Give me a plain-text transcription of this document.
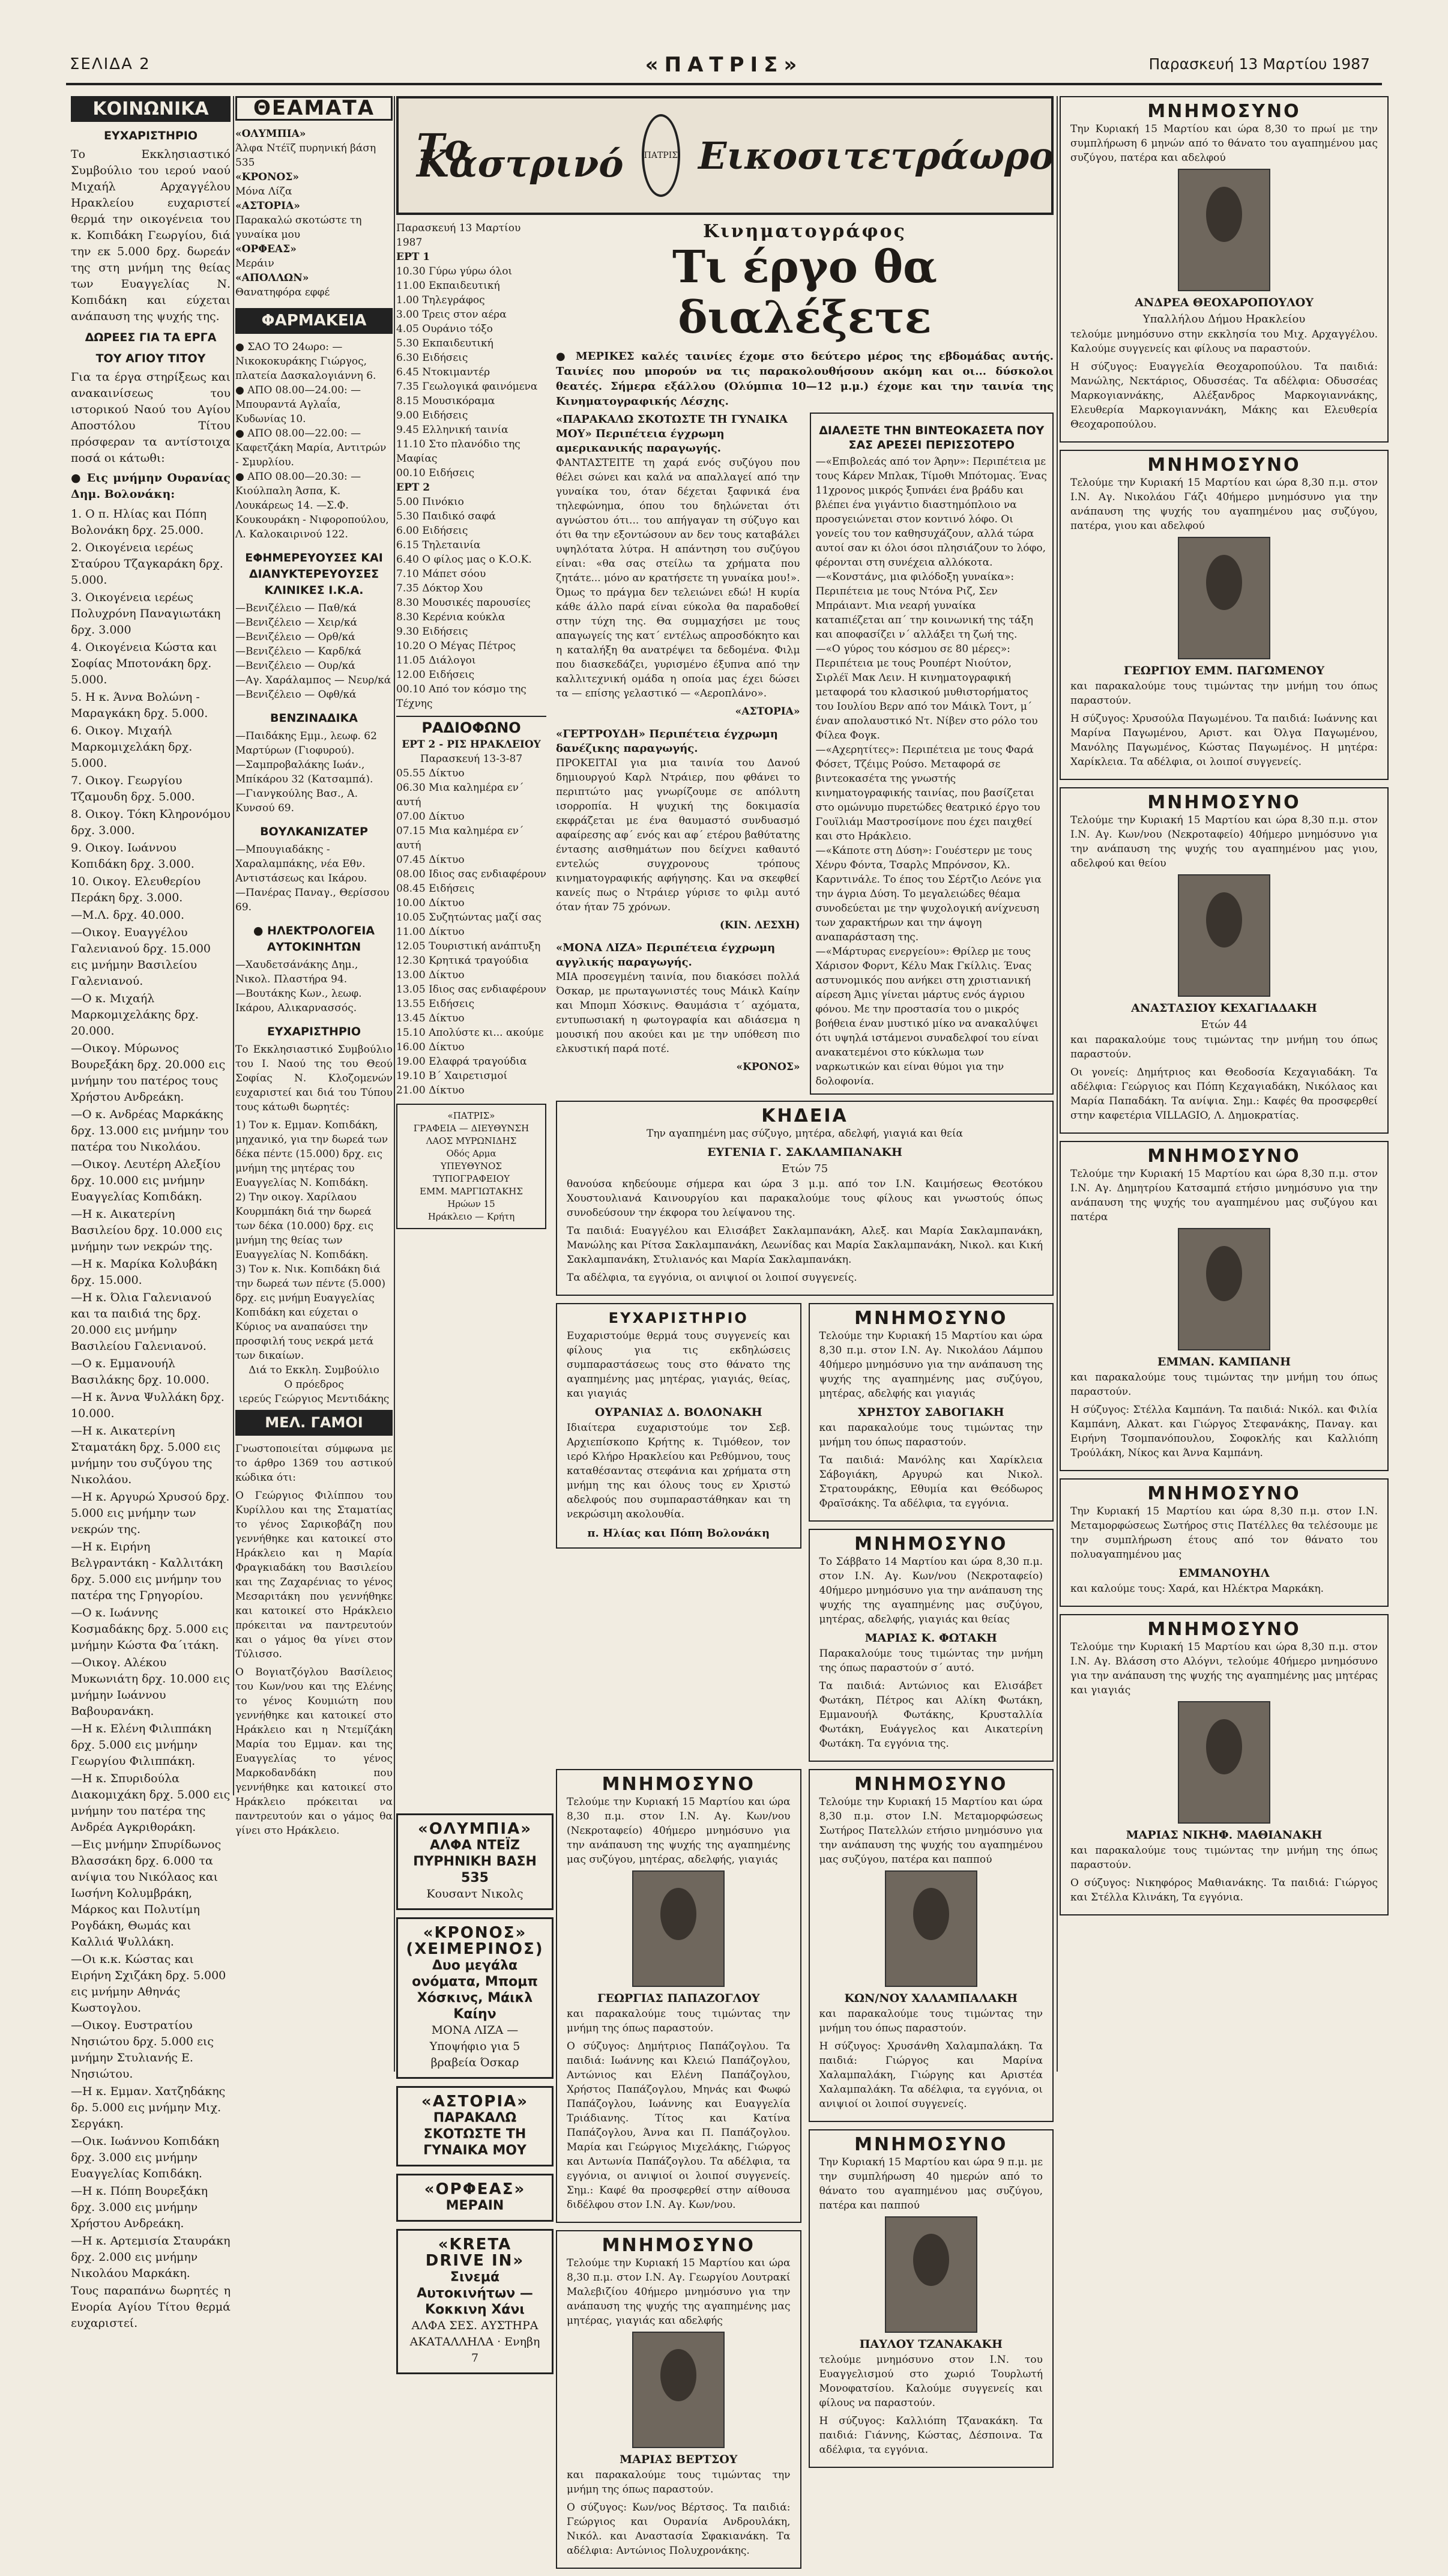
ΣΕΛΙΔΑ 2	«ΠΑΤΡΙΣ»	Παρασκευή 13 Μαρτίου 1987
ΚΟΙΝΩΝΙΚΑ
ΕΥΧΑΡΙΣΤΗΡΙΟ

Το Εκκλησιαστικό Συμβούλιο του ιερού ναού Μιχαήλ Αρχαγγέλου Ηρακλείου ευχαριστεί θερμά την οικογένεια του κ. Κοπιδάκη Γεωργίου, διά την εκ 5.000 δρχ. δωρεάν της στη μνήμη της θείας των Ευαγγελίας Ν. Κοπιδάκη και εύχεται ανάπαυση της ψυχής της.

ΔΩΡΕΕΣ ΓΙΑ ΤΑ ΕΡΓΑ
ΤΟΥ ΑΓΙΟΥ ΤΙΤΟΥ

Για τα έργα στηρίξεως και ανακαινίσεως του ιστορικού Ναού του Αγίου Αποστόλου Τίτου πρόσφεραν τα αντίστοιχα ποσά οι κάτωθι:

● Εις μνήμην Ουρανίας Δημ. Βολονάκη:

1. Ο π. Ηλίας και Πόπη Βολονάκη δρχ. 25.000.
2. Οικογένεια ιερέως Σταύρου Τζαγκαράκη δρχ. 5.000.
3. Οικογένεια ιερέως Πολυχρόνη Παναγιωτάκη δρχ. 3.000
4. Οικογένεια Κώστα και Σοφίας Μποτονάκη δρχ. 5.000.
5. Η κ. Άννα Βολώνη - Μαραγκάκη δρχ. 5.000.
6. Οικογ. Μιχαήλ Μαρκομιχελάκη δρχ. 5.000.
7. Οικογ. Γεωργίου Τζαμουδη δρχ. 5.000.
8. Οικογ. Τόκη Κληρονόμου δρχ. 3.000.
9. Οικογ. Ιωάννου Κοπιδάκη δρχ. 3.000.
10. Οικογ. Ελευθερίου Περάκη δρχ. 3.000.
—Μ.Λ. δρχ. 40.000.
—Οικογ. Ευαγγέλου Γαλενιανού δρχ. 15.000 εις μνήμην Βασιλείου Γαλενιανού.
—Ο κ. Μιχαήλ Μαρκομιχελάκης δρχ. 20.000.
—Οικογ. Μύρωνος Βουρεξάκη δρχ. 20.000 εις μνήμην του πατέρος τους Χρήστου Ανδρεάκη.
—Ο κ. Ανδρέας Μαρκάκης δρχ. 13.000 εις μνήμην του πατέρα του Νικολάου.
—Οικογ. Λευτέρη Αλεξίου δρχ. 10.000 εις μνήμην Ευαγγελίας Κοπιδάκη.
—Η κ. Αικατερίνη Βασιλείου δρχ. 10.000 εις μνήμην των νεκρών της.
—Η κ. Μαρίκα Κολυβάκη δρχ. 15.000.
—Η κ. Όλια Γαλενιανού και τα παιδιά της δρχ. 20.000 εις μνήμην Βασιλείου Γαλενιανού.
—Ο κ. Εμμανουήλ Βασιλάκης δρχ. 10.000.
—Η κ. Άννα Ψυλλάκη δρχ. 10.000.
—Η κ. Αικατερίνη Σταματάκη δρχ. 5.000 εις μνήμην του συζύγου της Νικολάου.
—Η κ. Αργυρώ Χρυσού δρχ. 5.000 εις μνήμην των νεκρών της.
—Η κ. Ειρήνη Βελγραντάκη - Καλλιτάκη δρχ. 5.000 εις μνήμην του πατέρα της Γρηγορίου.
—Ο κ. Ιωάννης Κοσμαδάκης δρχ. 5.000 εις μνήμην Κώστα Φα΄ιτάκη.
—Οικογ. Αλέκου Μυκωνιάτη δρχ. 10.000 εις μνήμην Ιωάννου Βαβουρανάκη.
—Η κ. Ελένη Φιλιππάκη δρχ. 5.000 εις μνήμην Γεωργίου Φιλιππάκη.
—Η κ. Σπυριδούλα Διακομιχάκη δρχ. 5.000 εις μνήμην του πατέρα της Ανδρέα Αγκριθοράκη.
—Εις μνήμην Σπυρίδωνος Βλασσάκη δρχ. 6.000 τα ανίψια του Νικόλαος και Ιωσήνη Κολυμβράκη, Μάρκος και Πολυτίμη Ρογδάκη, Θωμάς και Καλλιά Ψυλλάκη.
—Οι κ.κ. Κώστας και Ειρήνη Σχιζάκη δρχ. 5.000 εις μνήμην Αθηνάς Κωστογλου.
—Οικογ. Ευστρατίου Νησιώτου δρχ. 5.000 εις μνήμην Στυλιανής Ε. Νησιώτου.
—Η κ. Εμμαν. Χατζηδάκης δρ. 5.000 εις μνήμην Μιχ. Σεργάκη.
—Οικ. Ιωάννου Κοπιδάκη δρχ. 3.000 εις μνήμην Ευαγγελίας Κοπιδάκη.
—Η κ. Πόπη Βουρεξάκη δρχ. 3.000 εις μνήμην Χρήστου Ανδρεάκη.
—Η κ. Αρτεμισία Σταυράκη δρχ. 2.000 εις μνήμην Νικολάου Μαρκάκη.

Τους παραπάνω δωρητές η Ενορία Αγίου Τίτου θερμά ευχαριστεί.

ΘΕΑΜΑΤΑ
«ΟΛΥΜΠΙΑ»
Άλφα Ντέϊζ πυρηνική βάση 535
«ΚΡΟΝΟΣ»
Μόνα Λίζα
«ΑΣΤΟΡΙΑ»
Παρακαλώ σκοτώστε τη γυναίκα μου
«ΟΡΦΕΑΣ»
Μεράιν
«ΑΠΟΛΛΩΝ»
Θανατηφόρα εφφέ
ΦΑΡΜΑΚΕΙΑ
● ΣΑΟ ΤΟ 24ωρο: —Νικοκοκυράκης Γιώργος, πλατεία Δασκαλογιάννη 6.
● ΑΠΟ 08.00—24.00: —Μπουραντά Αγλαΐα, Κυδωνίας 10.
● ΑΠΟ 08.00—22.00: —Καφετζάκη Μαρία, Αντιτρών - Σμυρλίου.
● ΑΠΟ 08.00—20.30: —Κιούλπαλη Άσπα, Κ. Λουκάρεως 14. —Σ.Φ. Κουκουράκη - Νιφοροπούλου, Λ. Καλοκαιρινού 122.
ΕΦΗΜΕΡΕΥΟΥΣΕΣ ΚΑΙ ΔΙΑΝΥΚΤΕΡΕΥΟΥΣΕΣ ΚΛΙΝΙΚΕΣ Ι.Κ.Α.
—Βενιζέλειο — Παθ/κά
—Βενιζέλειο — Χειρ/κά
—Βενιζέλειο — Ορθ/κά
—Βενιζέλειο — Καρδ/κά
—Βενιζέλειο — Ουρ/κά
—Αγ. Χαράλαμπος — Νευρ/κά
—Βενιζέλειο — Οφθ/κά
ΒΕΝΖΙΝΑΔΙΚΑ
—Παιδάκης Εμμ., λεωφ. 62 Μαρτύρων (Γιοφυρού).
—Σαμπροβαλάκης Ιωάν., Μπίκάρου 32 (Κατσαμπά).
—Γιανγκούλης Βασ., Α. Κυνσού 69.
ΒΟΥΛΚΑΝΙΖΑΤΕΡ
—Μπουγιαδάκης - Χαραλαμπάκης, νέα Εθν. Αντιστάσεως και Ικάρου.
—Πανέρας Παναγ., Θερίσσου 69.
● ΗΛΕΚΤΡΟΛΟΓΕΙΑ ΑΥΤΟΚΙΝΗΤΩΝ
—Χαυδετσάνάκης Δημ., Νικολ. Πλαστήρα 94.
—Βουτάκης Κων., λεωφ. Ικάρου, Αλικαρνασσός.
ΕΥΧΑΡΙΣΤΗΡΙΟ

Το Εκκλησιαστικό Συμβούλιο του Ι. Ναού της του Θεού Σοφίας Ν. Κλοζομενών ευχαριστεί και διά του Τύπου τους κάτωθι δωρητές:

1) Τον κ. Εμμαν. Κοπιδάκη, μηχανικό, για την δωρεά των δέκα πέντε (15.000) δρχ. εις μνήμη της μητέρας του Ευαγγελίας Ν. Κοπιδάκη.
2) Την οικογ. Χαρίλαου Κουρμπάκη διά την δωρεά των δέκα (10.000) δρχ. εις μνήμη της θείας των Ευαγγελίας Ν. Κοπιδάκη.
3) Τον κ. Νικ. Κοπιδάκη διά την δωρεά των πέντε (5.000) δρχ. εις μνήμη Ευαγγελίας Κοπιδάκη και εύχεται ο Κύριος να αναπαύσει την προσφιλή τους νεκρά μετά των δικαίων.

Διά το Εκκλη. Συμβούλιο
Ο πρόεδρος
ιερεύς Γεώργιος Μεντιδάκης

ΜΕΛ. ΓΑΜΟΙ

Γνωστοποιείται σύμφωνα με το άρθρο 1369 του αστικού κώδικα ότι:

Ο Γεώργιος Φιλίππου του Κυρίλλου και της Σταματίας το γένος Σαρικοβάζη που γεννήθηκε και κατοικεί στο Ηράκλειο και η Μαρία Φραγκιαδάκη του Βασιλείου και της Ζαχαρένιας το γένος Μεσαριτάκη που γεννήθηκε και κατοικεί στο Ηράκλειο πρόκειται να παντρευτούν και ο γάμος θα γίνει στον Τύλισσο.

Ο Βογιατζόγλου Βασίλειος του Κων/νου και της Ελένης το γένος Κουμιώτη που γεννήθηκε και κατοικεί στο Ηράκλειο και η Ντεμίζάκη Μαρία του Εμμαν. και της Ευαγγελίας το γένος Μαρκοδανδάκη που γεννήθηκε και κατοικεί στο Ηράκλειο πρόκειται να παντρευτούν και ο γάμος θα γίνει στο Ηράκλειο.

Το Κάστρινό	ΠΑΤΡΙΣ Εικοσιτετράωρο
Παρασκευή 13 Μαρτίου 1987
ΕΡΤ 1
10.30 Γύρω γύρω όλοι
11.00 Εκπαιδευτική
1.00 Τηλεγράφος
3.00 Τρεις στον αέρα
4.05 Ουράνιο τόξο
5.30 Εκπαιδευτική
6.30 Ειδήσεις
6.45 Ντοκιμαντέρ
7.35 Γεωλογικά φαινόμενα
8.15 Μουσικόραμα
9.00 Ειδήσεις
9.45 Ελληνική ταινία
11.10 Στο πλανόδιο της Μαφίας
00.10 Ειδήσεις
ΕΡΤ 2
5.00 Πινόκιο
5.30 Παιδικό σαφά
6.00 Ειδήσεις
6.15 Τηλεταινία
6.40 Ο φίλος μας ο Κ.Ο.Κ.
7.10 Μάπετ σόου
7.35 Δόκτορ Χου
8.30 Μουσικές παρουσίες
8.30 Κερένια κούκλα
9.30 Ειδήσεις
10.20 Ο Μέγας Πέτρος
11.05 Διάλογοι
12.00 Ειδήσεις
00.10 Από τον κόσμο της Τέχνης
ΡΑΔΙΟΦΩΝΟ
ΕΡΤ 2 - ΡΙΣ ΗΡΑΚΛΕΙΟΥ
Παρασκευή 13-3-87
05.55 Δίκτυο
06.30 Μια καλημέρα εν΄ αυτή
07.00 Δίκτυο
07.15 Μια καλημέρα εν΄ αυτή
07.45 Δίκτυο
08.00 Ιδιος σας ενδιαφέρουν
08.45 Ειδήσεις
10.00 Δίκτυο
10.05 Συζητώντας μαζί σας
11.00 Δίκτυο
12.05 Τουριστική ανάπτυξη
12.30 Κρητικά τραγούδια
13.00 Δίκτυο
13.05 Ιδιος σας ενδιαφέρουν
13.55 Ειδήσεις
13.45 Δίκτυο
15.10 Απολύστε κι... ακούμε
16.00 Δίκτυο
19.00 Ελαφρά τραγούδια
19.10 Β΄ Χαιρετισμοί
21.00 Δίκτυο
«ΠΑΤΡΙΣ»
ΓΡΑΦΕΙΑ — ΔΙΕΥΘΥΝΣΗ
ΛΑΟΣ ΜΥΡΩΝΙΔΗΣ
Οδός Αρμα
ΥΠΕΥΘΥΝΟΣ ΤΥΠΟΓΡΑΦΕΙΟΥ
ΕΜΜ. ΜΑΡΓΙΩΤΑΚΗΣ
Ηρώων 15
Ηράκλειο — Κρήτη
Κινηματογράφος
Τι έργο θα διαλέξετε

● ΜΕΡΙΚΕΣ καλές ταινίες έχομε στο δεύτερο μέρος της εβδομάδας αυτής. Ταινίες που μπορούν να τις παρακολουθήσουν ακόμη και οι... δύσκολοι θεατές. Σήμερα εξάλλου (Ολύμπια 10—12 μ.μ.) έχομε και την ταινία της Κινηματογραφικής Λέσχης.

«ΠΑΡΑΚΑΛΩ ΣΚΟΤΩΣΤΕ ΤΗ ΓΥΝΑΙΚΑ ΜΟΥ» Περιπέτεια έγχρωμη αμερικανικής παραγωγής.

ΦΑΝΤΑΣΤΕΙΤΕ τη χαρά ενός συζύγου που θέλει σώνει και καλά να απαλλαγεί από την γυναίκα του, όταν δέχεται ξαφνικά ένα τηλεφώνημα, όπου του δηλώνεται ότι αγνώστου ότι... του απήγαγαν τη σύζυγο και ότι θα την εξοντώσουν αν δεν τους καταβάλει υψηλότατα λύτρα. Η απάντηση του συζύγου είναι: «θα σας στείλω τα χρήματα που ζητάτε... μόνο αν κρατήσετε τη γυναίκα μου!». Όμως το πράγμα δεν τελειώνει εδώ! Η κυρία κάθε άλλο παρά είναι εύκολα θα παραδοθεί στην τύχη της. Θα συμμαχήσει με τους απαγωγείς της κατ΄ εντέλως απροσδόκητο και η καταλήξη θα ανατρέψει τα δεδομένα. Φιλμ που διασκεδάζει, γυρισμένο έξυπνα από την καλλιτεχνική ομάδα η οποία μας έχει δώσει τα — επίσης γελαστικό — «Αεροπλάνο».

«ΑΣΤΟΡΙΑ»
«ΓΕΡΤΡΟΥΔΗ» Περιπέτεια έγχρωμη δανέζικης παραγωγής.

ΠΡΟΚΕΙΤΑΙ για μια ταινία του Δανού δημιουργού Καρλ Ντράιερ, που φθάνει το περιπτώτο μας γνωρίζουμε σε απόλυτη ισορροπία. Η ψυχική της δοκιμασία εκφράζεται με ένα θαυμαστό συνδυασμό αφαίρεσης αφ΄ ενός και αφ΄ ετέρου βαθύτατης έντασης αισθημάτων που δείχνει καθαυτό εντελώς συγχρονους τρόπους κινηματογραφικής αφήγησης. Και να σκεφθεί κανείς πως ο Ντράιερ γύρισε το φιλμ αυτό όταν ήταν 75 χρόνων.

(ΚΙΝ. ΛΕΣΧΗ)
«ΜΟΝΑ ΛΙΖΑ» Περιπέτεια έγχρωμη αγγλικής παραγωγής.

ΜΙΑ προσεγμένη ταινία, που διακόσει πολλά Όσκαρ, με πρωταγωνιστές τους Μάικλ Καίην και Μπομπ Χόσκινς. Θαυμάσια τ΄ αχόματα, εντυπωσιακή η φωτογραφία και αδιάσεμα η μουσική που ακούει και με την υπόθεση πιο ελκυστική παρά ποτέ.

«ΚΡΟΝΟΣ»
ΔΙΑΛΕΞΤΕ ΤΗΝ ΒΙΝΤΕΟΚΑΣΕΤΑ ΠΟΥ ΣΑΣ ΑΡΕΣΕΙ ΠΕΡΙΣΣΟΤΕΡΟ
—«Επιβολεάς από τον Άρην»: Περιπέτεια με τους Κάρεν Μπλακ, Τίμοθι Μπότομας. Ένας 11χρονος μικρός ξυπνάει ένα βράδυ και βλέπει ένα γιγάντιο διαστημόπλοιο να προσγειώνεται στον κοντινό λόφο. Οι γονείς του τον καθησυχάζουν, αλλά τώρα αυτοί σαν κι όλοι όσοι πλησιάζουν το λόφο, φέρονται στη συνέχεια αλλόκοτα.
—«Κονστάνς, μια φιλόδοξη γυναίκα»: Περιπέτεια με τους Ντόνα Ριζ, Σεν Μπράιαντ. Μια νεαρή γυναίκα καταπιέζεται απ΄ την κοινωνική της τάξη και αποφασίζει ν΄ αλλάξει τη ζωή της.
—«Ο γύρος του κόσμου σε 80 μέρες»: Περιπέτεια με τους Ρουπέρτ Νιούτον, Σιρλέϊ Μακ Λειν. Η κινηματογραφική μεταφορά του κλασικού μυθιστορήματος του Ιουλίου Βερν από τον Μάικλ Τοντ, μ΄ έναν απολαυστικό Ντ. Νίβεν στο ρόλο του Φίλεα Φογκ.
—«Αχερητίτες»: Περιπέτεια με τους Φαρά Φόσετ, Τζέιμς Ρούσο. Μεταφορά σε βιντεοκασέτα της γνωστής κινηματογραφικής ταινίας, που βασίζεται στο ομώνυμο πυρετώδες θεατρικό έργο του Γουϊλιάμ Μαστροσίμονε που έχει παιχθεί και στο Ηράκλειο.
—«Κάποτε στη Δύση»: Γουέστερν με τους Χένρυ Φόντα, Τσαρλς Μπρόνσον, Κλ. Καρντινάλε. Το έπος του Σέρτζιο Λεόνε για την άγρια Δύση. Το μεγαλειώδες θέαμα συνοδεύεται με την ψυχολογική ανίχνευση των χαρακτήρων και την άψογη αναπαράσταση της.
—«Μάρτυρας ενεργείου»: Θρίλερ με τους Χάρισον Φορντ, Κέλυ Μακ Γκίλλις. Ένας αστυνομικός που ανήκει στη χριστιανική αίρεση Άμις γίνεται μάρτυς ενός άγριου φόνου. Με την προστασία του ο μικρός βοήθεια έναν μυστικό μίκο να ανακαλύψει ότι υψηλά ιστάμενοι συναδελφοί του είναι ανακατεμένοι στο κύκλωμα των ναρκωτικών και είναι θύμοι για την δολοφονία.
ΚΗΔΕΙΑ

Την αγαπημένη μας σύζυγο, μητέρα, αδελφή, γιαγιά και θεία

ΕΥΓΕΝΙΑ Γ. ΣΑΚΛΑΜΠΑΝΑΚΗ
Ετών 75

θανούσα κηδεύουμε σήμερα και ώρα 3 μ.μ. από τον Ι.Ν. Καιμήσεως Θεοτόκου Χουστουλιανά Καινουργίου και παρακαλούμε τους φίλους και γνωστούς όπως συνοδεύσουν την έκφορα του λείψανου της.

Τα παιδιά: Ευαγγέλου και Ελισάβετ Σακλαμπανάκη, Αλεξ. και Μαρία Σακλαμπανάκη, Μανώλης και Ρίτσα Σακλαμπανάκη, Λεωνίδας και Μαρία Σακλαμπανάκη, Νικολ. και Κική Σακλαμπανάκη, Στυλιανός και Μαρία Σακλαμπανάκη.

Τα αδέλφια, τα εγγόνια, οι ανιψιοί οι λοιποί συγγενείς.

ΕΥΧΑΡΙΣΤΗΡΙΟ

Ευχαριστούμε θερμά τους συγγενείς και φίλους για τις εκδηλώσεις συμπαραστάσεως τους στο θάνατο της αγαπημένης μας μητέρας, γιαγιάς, θείας, και γιαγιάς

ΟΥΡΑΝΙΑΣ Δ. ΒΟΛΟΝΑΚΗ

Ιδιαίτερα ευχαριστούμε τον Σεβ. Αρχιεπίσκοπο Κρήτης κ. Τιμόθεον, τον ιερό Κλήρο Ηρακλείου και Ρεθύμνου, τους καταθέσαντας στεφάνια και χρήματα στη μνήμη της και όλους τους εν Χριστώ αδελφούς που συμπαραστάθηκαν και τη νεκρώσιμη ακολουθία.

π. Ηλίας και Πόπη Βολονάκη
ΜΝΗΜΟΣΥΝΟ

Τελούμε την Κυριακή 15 Μαρτίου και ώρα 8,30 π.μ. στον Ι.Ν. Αγ. Νικολάου Λάμπου 40ήμερο μνημόσυνο για την ανάπαυση της ψυχής της αγαπημένης μας συζύγου, μητέρας, αδελφής και γιαγιάς

ΧΡΗΣΤΟΥ ΣΑΒΟΓΙΑΚΗ

και παρακαλούμε τους τιμώντας την μνήμη του όπως παραστούν.

Τα παιδιά: Μανόλης και Χαρίκλεια Σάβογιάκη, Αργυρώ και Νικολ. Στρατουράκης, Εθυμία και Θεόδωρος Φραϊσάκης. Τα αδέλφια, τα εγγόνια.

ΜΝΗΜΟΣΥΝΟ

Το Σάββατο 14 Μαρτίου και ώρα 8,30 π.μ. στον Ι.Ν. Αγ. Κων/νου (Νεκροταφείο) 40ήμερο μνημόσυνο για την ανάπαυση της ψυχής της αγαπημένης μας συζύγου, μητέρας, αδελφής, γιαγιάς και θείας

ΜΑΡΙΑΣ Κ. ΦΩΤΑΚΗ

Παρακαλούμε τους τιμώντας την μνήμη της όπως παραστούν σ΄ αυτό.

Τα παιδιά: Αντώνιος και Ελισάβετ Φωτάκη, Πέτρος και Αλίκη Φωτάκη, Εμμανουήλ Φωτάκης, Κρυσταλλία Φωτάκη, Ευάγγελος και Αικατερίνη Φωτάκη. Τα εγγόνια της.

ΜΝΗΜΟΣΥΝΟ

Τελούμε την Κυριακή 15 Μαρτίου και ώρα 8,30 π.μ. στον Ι.Ν. Αγ. Κων/νου (Νεκροταφείο) 40ήμερο μνημόσυνο για την ανάπαυση της ψυχής της αγαπημένης μας συζύγου, μητέρας, αδελφής, γιαγιάς

ΓΕΩΡΓΙΑΣ ΠΑΠΑΖΟΓΛΟΥ

και παρακαλούμε τους τιμώντας την μνήμη της όπως παραστούν.

Ο σύζυγος: Δημήτριος Παπάζογλου. Τα παιδιά: Ιωάννης και Κλειώ Παπάζογλου, Αντώνιος και Ελένη Παπάζογλου, Χρήστος Παπάζογλου, Μηνάς και Φωφώ Παπάζογλου, Ιωάννης και Ευαγγελία Τριάδιανης. Τίτος και Κατίνα Παπάζογλου, Άννα και Π. Παπάζογλου. Μαρία και Γεώργιος Μιχελάκης, Γιώργος και Αντωνία Παπάζογλου. Τα αδέλφια, τα εγγόνια, οι ανιψιοί οι λοιποί συγγενείς. Σημ.: Καφέ θα προσφερθεί στην αίθουσα διδέλφου στον Ι.Ν. Αγ. Κων/νου.

ΜΝΗΜΟΣΥΝΟ

Τελούμε την Κυριακή 15 Μαρτίου και ώρα 8,30 π.μ. στον Ι.Ν. Αγ. Γεωργίου Λουτρακί Μαλεβιζίου 40ήμερο μνημόσυνο για την ανάπαυση της ψυχής της αγαπημένης μας μητέρας, γιαγιάς και αδελφής

ΜΑΡΙΑΣ ΒΕΡΤΣΟΥ

και παρακαλούμε τους τιμώντας την μνήμη της όπως παραστούν.

Ο σύζυγος: Κων/νος Βέρτσος. Τα παιδιά: Γεώργιος και Ουρανία Ανδρουλάκη, Νικόλ. και Αναστασία Σφακιανάκη. Τα αδέλφια: Αντώνιος Πολυχρονάκης.

ΜΝΗΜΟΣΥΝΟ

Τελούμε την Κυριακή 15 Μαρτίου και ώρα 8,30 π.μ. στον Ι.Ν. Μεταμορφώσεως Σωτήρος Πατελλών ετήσιο μνημόσυνο για την ανάπαυση της ψυχής του αγαπημένου μας συζύγου, πατέρα και παππού

ΚΩΝ/ΝΟΥ ΧΑΛΑΜΠΑΛΑΚΗ

και παρακαλούμε τους τιμώντας την μνήμη του όπως παραστούν.

Η σύζυγος: Χρυσάνθη Χαλαμπαλάκη. Τα παιδιά: Γιώργος και Μαρίνα Χαλαμπαλάκη, Γιώργης και Αριστέα Χαλαμπαλάκη. Τα αδέλφια, τα εγγόνια, οι ανιψιοί οι λοιποί συγγενείς.

ΜΝΗΜΟΣΥΝΟ

Την Κυριακή 15 Μαρτίου και ώρα 9 π.μ. με την συμπλήρωση 40 ημερών από το θάνατο του αγαπημένου μας συζύγου, πατέρα και παππού

ΠΑΥΛΟΥ ΤΖΑΝΑΚΑΚΗ

τελούμε μνημόσυνο στον Ι.Ν. του Ευαγγελισμού στο χωριό Τουρλωτή Μονοφατσίου. Καλούμε συγγενείς και φίλους να παραστούν.

Η σύζυγος: Καλλιόπη Τζανακάκη. Τα παιδιά: Γιάννης, Κώστας, Δέσποινα. Τα αδέλφια, τα εγγόνια.

«ΟΛΥΜΠΙΑ»
ΑΛΦΑ ΝΤΕΪΖ ΠΥΡΗΝΙΚΗ ΒΑΣΗ 535
Κουσαντ Νικολς
«ΚΡΟΝΟΣ» (ΧΕΙΜΕΡΙΝΟΣ)
Δυο μεγάλα ονόματα, Μπομπ Χόσκινς, Μάικλ Καίην
ΜΟΝΑ ΛΙΖΑ — Υποψήφιο για 5 βραβεία Όσκαρ
«ΑΣΤΟΡΙΑ»
ΠΑΡΑΚΑΛΩ ΣΚΟΤΩΣΤΕ ΤΗ ΓΥΝΑΙΚΑ ΜΟΥ
«ΟΡΦΕΑΣ»
ΜΕΡΑΙΝ
«KRETA DRIVE IN»
Σινεμά Αυτοκινήτων — Κοκκινη Χάνι
ΑΛΦΑ ΣΕΣ. ΑΥΣΤΗΡΑ ΑΚΑΤΑΛΛΗΛΑ · Ενηβη 7
ΜΝΗΜΟΣΥΝΟ

Την Κυριακή 15 Μαρτίου και ώρα 8,30 το πρωί με την συμπλήρωση 6 μηνών από το θάνατο του αγαπημένου μας συζύγου, πατέρα και αδελφού

ΑΝΔΡΕΑ ΘΕΟΧΑΡΟΠΟΥΛΟΥ
Υπαλλήλου Δήμου Ηρακλείου

τελούμε μνημόσυνο στην εκκλησία του Μιχ. Αρχαγγέλου. Καλούμε συγγενείς και φίλους να παραστούν.

Η σύζυγος: Ευαγγελία Θεοχαροπούλου. Τα παιδιά: Μανώλης, Νεκτάριος, Οδυσσέας. Τα αδέλφια: Οδυσσέας Μαρκογιαννάκης, Αλέξανδρος Μαρκογιαννάκης, Ελευθερία Μαρκογιαννάκη, Μάκης και Ελευθερία Θεοχαροπούλου.

ΜΝΗΜΟΣΥΝΟ

Τελούμε την Κυριακή 15 Μαρτίου και ώρα 8,30 π.μ. στον Ι.Ν. Αγ. Νικολάου Γάζι 40ήμερο μνημόσυνο για την ανάπαυση της ψυχής του αγαπημένου μας συζύγου, πατέρα, γιου και αδελφού

ΓΕΩΡΓΙΟΥ ΕΜΜ. ΠΑΓΩΜΕΝΟΥ

και παρακαλούμε τους τιμώντας την μνήμη του όπως παραστούν.

Η σύζυγος: Χρυσούλα Παγωμένου. Τα παιδιά: Ιωάννης και Μαρίνα Παγωμένου, Αριστ. και Όλγα Παγωμένου, Μανόλης Παγωμένος, Κώστας Παγωμένος. Η μητέρα: Χαρίκλεια. Τα αδέλφια, οι λοιποί συγγενείς.

ΜΝΗΜΟΣΥΝΟ

Τελούμε την Κυριακή 15 Μαρτίου και ώρα 8,30 π.μ. στον Ι.Ν. Αγ. Κων/νου (Νεκροταφείο) 40ήμερο μνημόσυνο για την ανάπαυση της ψυχής του αγαπημένου μας γιου, αδελφού και θείου

ΑΝΑΣΤΑΣΙΟΥ ΚΕΧΑΓΙΑΔΑΚΗ
Ετών 44

και παρακαλούμε τους τιμώντας την μνήμη του όπως παραστούν.

Οι γονείς: Δημήτριος και Θεοδοσία Κεχαγιαδάκη. Τα αδέλφια: Γεώργιος και Πόπη Κεχαγιαδάκη, Νικόλαος και Μαρία Παπαδάκη. Τα ανίψια. Σημ.: Καφές θα προσφερθεί στην καφετέρια VILLAGIO, Λ. Δημοκρατίας.

ΜΝΗΜΟΣΥΝΟ

Τελούμε την Κυριακή 15 Μαρτίου και ώρα 8,30 π.μ. στον Ι.Ν. Αγ. Δημητρίου Κατσαμπά ετήσιο μνημόσυνο για την ανάπαυση της ψυχής του αγαπημένου μας συζύγου και πατέρα

ΕΜΜΑΝ. ΚΑΜΠΑΝΗ

και παρακαλούμε τους τιμώντας την μνήμη του όπως παραστούν.

Η σύζυγος: Στέλλα Καμπάνη. Τα παιδιά: Νικόλ. και Φιλία Καμπάνη, Αλκατ. και Γιώργος Στεφανάκης, Παναγ. και Ειρήνη Τσομπανόπουλου, Σοφοκλής και Καλλιόπη Τρούλάκη, Νίκος και Άννα Καμπάνη.

ΜΝΗΜΟΣΥΝΟ

Την Κυριακή 15 Μαρτίου και ώρα 8,30 π.μ. στον Ι.Ν. Μεταμορφώσεως Σωτήρος στις Πατέλλες θα τελέσουμε με την συμπλήρωση έτους από τον θάνατο του πολυαγαπημένου μας

ΕΜΜΑΝΟΥΗΛ

και καλούμε τους: Χαρά, και Ηλέκτρα Μαρκάκη.

ΜΝΗΜΟΣΥΝΟ

Τελούμε την Κυριακή 15 Μαρτίου και ώρα 8,30 π.μ. στον Ι.Ν. Αγ. Βλάσση στο Αλόγνι, τελούμε 40ήμερο μνημόσυνο για την ανάπαυση της ψυχής της αγαπημένης μας μητέρας και γιαγιάς

ΜΑΡΙΑΣ ΝΙΚΗΦ. ΜΑΘΙΑΝΑΚΗ

και παρακαλούμε τους τιμώντας την μνήμη της όπως παραστούν.

Ο σύζυγος: Νικηφόρος Μαθιανάκης. Τα παιδιά: Γιώργος και Στέλλα Κλινάκη, Τα εγγόνια.
